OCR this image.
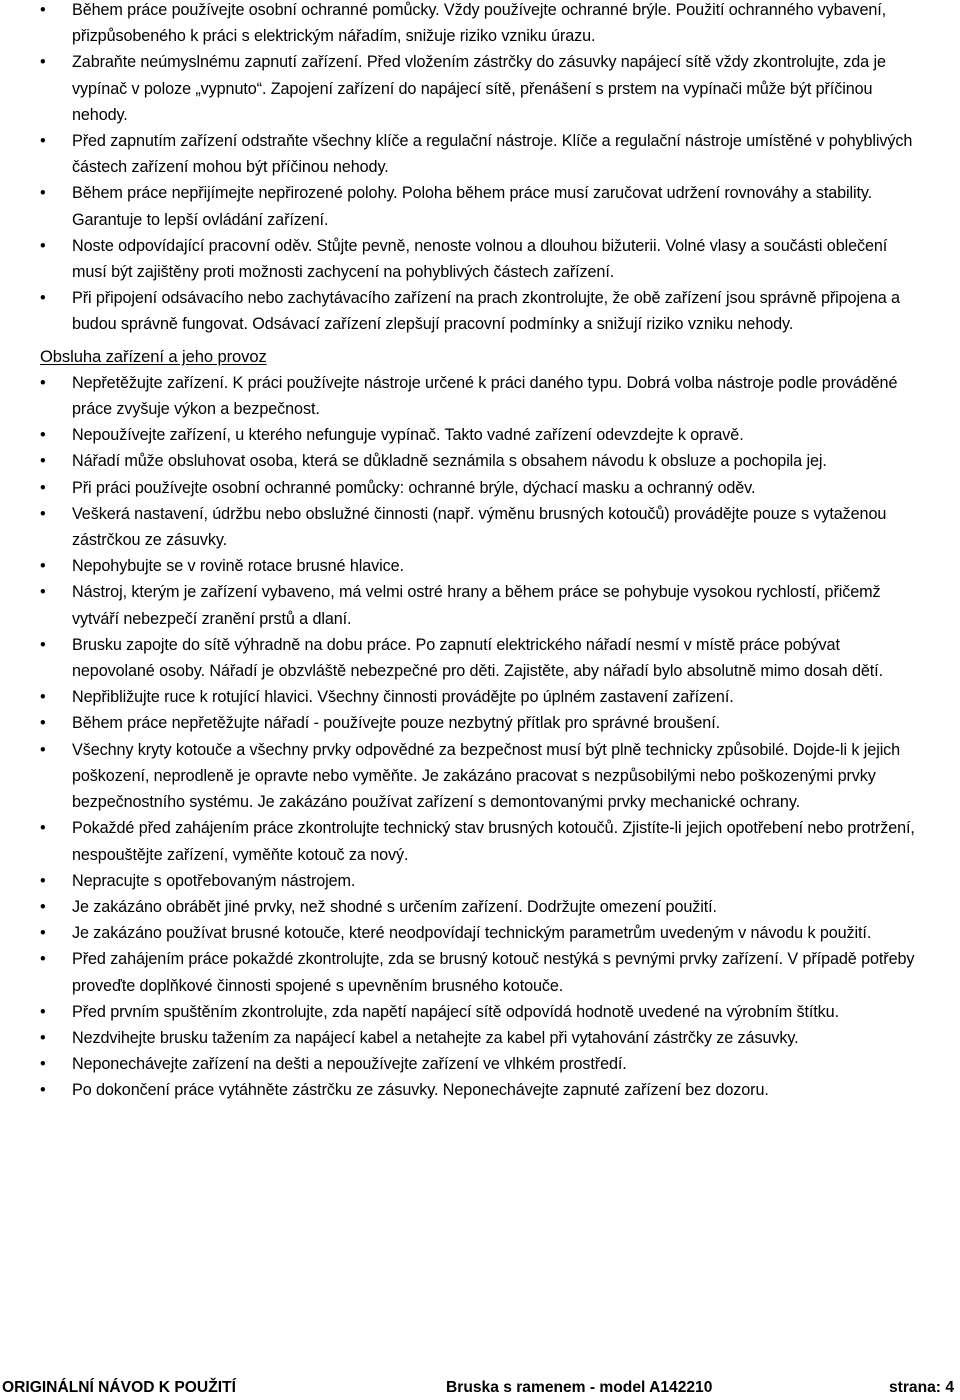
•	Během práce používejte osobní ochranné pomůcky. Vždy používejte ochranné brýle. Použití ochranného vybavení, přizpůsobeného k práci s elektrickým nářadím, snižuje riziko vzniku úrazu.
•	Zabraňte neúmyslnému zapnutí zařízení. Před vložením zástrčky do zásuvky napájecí sítě vždy zkontrolujte, zda je vypínač v poloze „vypnuto“. Zapojení zařízení do napájecí sítě, přenášení s prstem na vypínači může být příčinou nehody.
•	Před zapnutím zařízení odstraňte všechny klíče a regulační nástroje. Klíče a regulační nástroje umístěné v pohyblivých částech zařízení mohou být příčinou nehody.
•	Během práce nepřijímejte nepřirozené polohy. Poloha během práce musí zaručovat udržení rovnováhy a stability. Garantuje to lepší ovládání zařízení.
•	Noste odpovídající pracovní oděv. Stůjte pevně, nenoste volnou a dlouhou bižuterii. Volné vlasy a součásti oblečení musí být zajištěny proti možnosti zachycení na pohyblivých částech zařízení.
•	Při připojení odsávacího nebo zachytávacího zařízení na prach zkontrolujte, že obě zařízení jsou správně připojena a budou správně fungovat. Odsávací zařízení zlepšují pracovní podmínky a snižují riziko vzniku nehody.
Obsluha zařízení a jeho provoz
•	Nepřetěžujte zařízení. K práci používejte nástroje určené k práci daného typu. Dobrá volba nástroje podle prováděné práce zvyšuje výkon a bezpečnost.
•	Nepoužívejte zařízení, u kterého nefunguje vypínač. Takto vadné zařízení odevzdejte k opravě.
•	Nářadí může obsluhovat osoba, která se důkladně seznámila s obsahem návodu k obsluze a pochopila jej.
•	Při práci používejte osobní ochranné pomůcky: ochranné brýle, dýchací masku a ochranný oděv.
•	Veškerá nastavení, údržbu nebo obslužné činnosti (např. výměnu brusných kotoučů) provádějte pouze s vytaženou zástrčkou ze zásuvky.
•	Nepohybujte se v rovině rotace brusné hlavice.
•	Nástroj, kterým je zařízení vybaveno, má velmi ostré hrany a během práce se pohybuje vysokou rychlostí, přičemž vytváří nebezpečí zranění prstů a dlaní.
•	Brusku zapojte do sítě výhradně na dobu práce. Po zapnutí elektrického nářadí nesmí v místě práce pobývat nepovolané osoby. Nářadí je obzvláště nebezpečné pro děti. Zajistěte, aby nářadí bylo absolutně mimo dosah dětí.
•	Nepřibližujte ruce k rotující hlavici. Všechny činnosti provádějte po úplném zastavení zařízení.
•	Během práce nepřetěžujte nářadí - používejte pouze nezbytný přítlak pro správné broušení.
•	Všechny kryty kotouče a všechny prvky odpovědné za bezpečnost musí být plně technicky způsobilé. Dojde-li k jejich poškození, neprodleně je opravte nebo vyměňte. Je zakázáno pracovat s nezpůsobilými nebo poškozenými prvky bezpečnostního systému. Je zakázáno používat zařízení s demontovanými prvky mechanické ochrany.
•	Pokaždé před zahájením práce zkontrolujte technický stav brusných kotoučů. Zjistíte-li jejich opotřebení nebo protržení, nespouštějte zařízení, vyměňte kotouč za nový.
•	Nepracujte s opotřebovaným nástrojem.
•	Je zakázáno obrábět jiné prvky, než shodné s určením zařízení. Dodržujte omezení použití.
•	Je zakázáno používat brusné kotouče, které neodpovídají technickým parametrům uvedeným v návodu k použití.
•	Před zahájením práce pokaždé zkontrolujte, zda se brusný kotouč nestýká s pevnými prvky zařízení. V případě potřeby proveďte doplňkové činnosti spojené s upevněním brusného kotouče.
•	Před prvním spuštěním zkontrolujte, zda napětí napájecí sítě odpovídá hodnotě uvedené na výrobním štítku.
•	Nezdvihejte brusku tažením za napájecí kabel a netahejte za kabel při vytahování zástrčky ze zásuvky.
•	Neponechávejte zařízení na dešti a nepoužívejte zařízení ve vlhkém prostředí.
•	Po dokončení práce vytáhněte zástrčku ze zásuvky. Neponechávejte zapnuté zařízení bez dozoru.
ORIGINÁLNÍ NÁVOD K POUŽITÍ	Bruska s ramenem - model A142210	strana: 4
